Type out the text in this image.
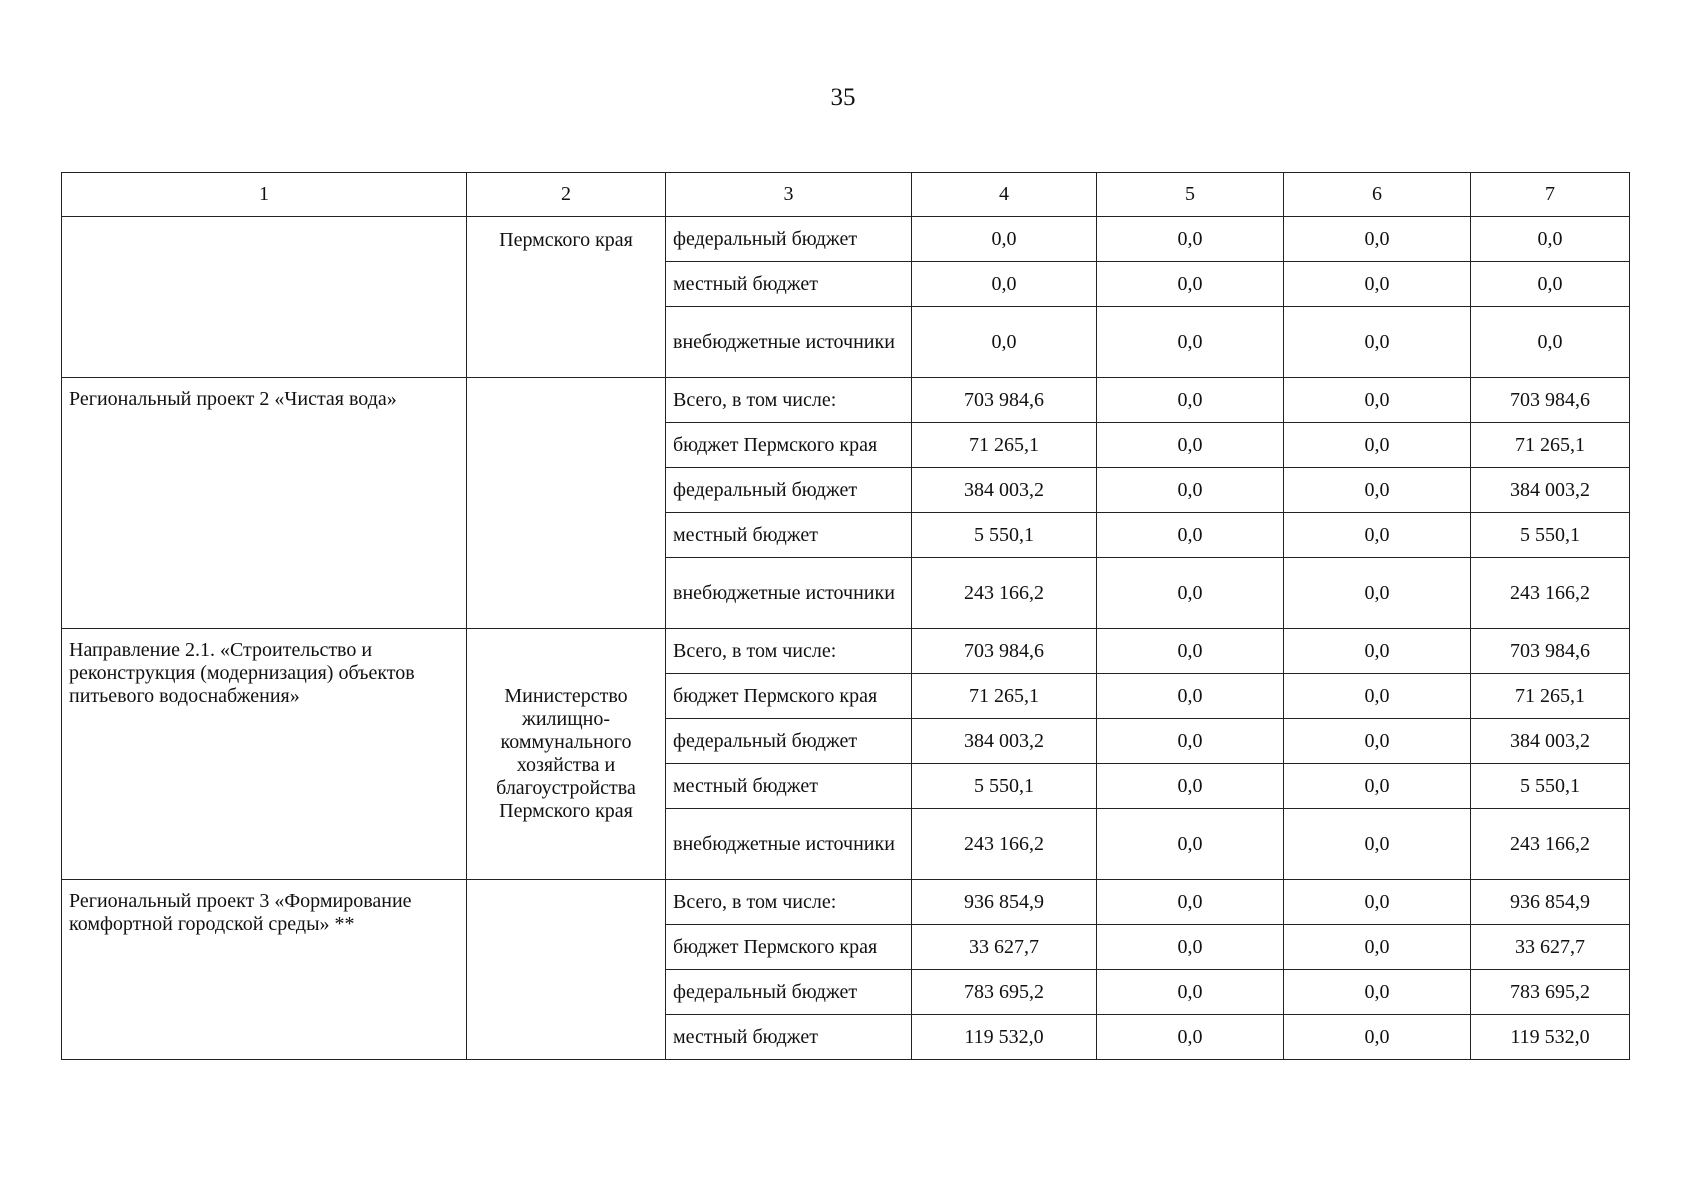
35
1	2	3	4	5	6	7
	Пермского края	федеральный бюджет	0,0	0,0	0,0	0,0
		местный бюджет	0,0	0,0	0,0	0,0
		внебюджетные источники	0,0	0,0	0,0	0,0
Региональный проект 2 «Чистая вода»		Всего, в том числе:	703 984,6	0,0	0,0	703 984,6
		бюджет Пермского края	71 265,1	0,0	0,0	71 265,1
		федеральный бюджет	384 003,2	0,0	0,0	384 003,2
		местный бюджет	5 550,1	0,0	0,0	5 550,1
		внебюджетные источники	243 166,2	0,0	0,0	243 166,2
Направление 2.1. «Строительство и реконструкция (модернизация) объектов питьевого водоснабжения»	Министерство жилищно-коммунального хозяйства и благоустройства Пермского края	Всего, в том числе:	703 984,6	0,0	0,0	703 984,6
		бюджет Пермского края	71 265,1	0,0	0,0	71 265,1
		федеральный бюджет	384 003,2	0,0	0,0	384 003,2
		местный бюджет	5 550,1	0,0	0,0	5 550,1
		внебюджетные источники	243 166,2	0,0	0,0	243 166,2
Региональный проект 3 «Формирование комфортной городской среды» **		Всего, в том числе:	936 854,9	0,0	0,0	936 854,9
		бюджет Пермского края	33 627,7	0,0	0,0	33 627,7
		федеральный бюджет	783 695,2	0,0	0,0	783 695,2
		местный бюджет	119 532,0	0,0	0,0	119 532,0
